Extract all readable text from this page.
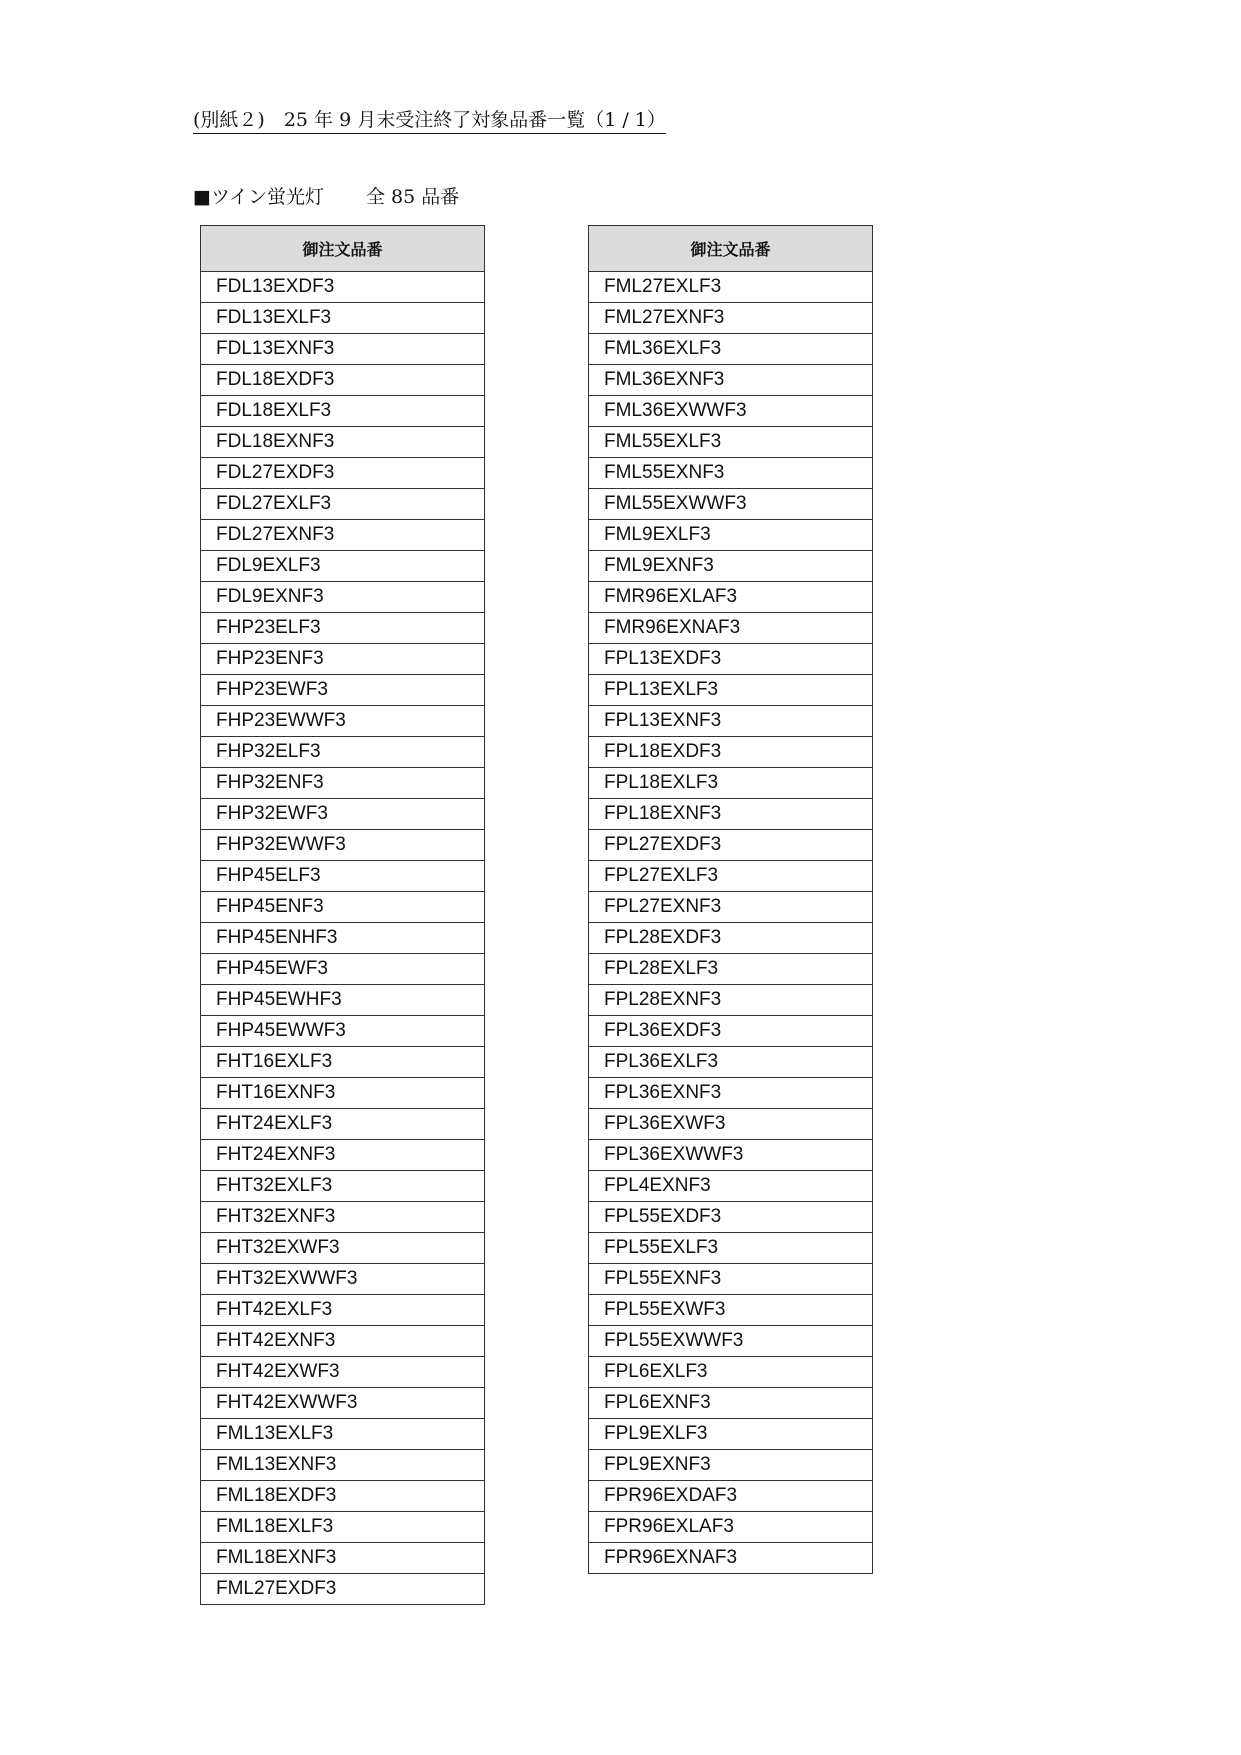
(別紙２)　25 年 9 月末受注終了対象品番一覧（1 / 1）
■ツイン蛍光灯 全 85 品番
御注文品番
FDL13EXDF3
FDL13EXLF3
FDL13EXNF3
FDL18EXDF3
FDL18EXLF3
FDL18EXNF3
FDL27EXDF3
FDL27EXLF3
FDL27EXNF3
FDL9EXLF3
FDL9EXNF3
FHP23ELF3
FHP23ENF3
FHP23EWF3
FHP23EWWF3
FHP32ELF3
FHP32ENF3
FHP32EWF3
FHP32EWWF3
FHP45ELF3
FHP45ENF3
FHP45ENHF3
FHP45EWF3
FHP45EWHF3
FHP45EWWF3
FHT16EXLF3
FHT16EXNF3
FHT24EXLF3
FHT24EXNF3
FHT32EXLF3
FHT32EXNF3
FHT32EXWF3
FHT32EXWWF3
FHT42EXLF3
FHT42EXNF3
FHT42EXWF3
FHT42EXWWF3
FML13EXLF3
FML13EXNF3
FML18EXDF3
FML18EXLF3
FML18EXNF3
FML27EXDF3
御注文品番
FML27EXLF3
FML27EXNF3
FML36EXLF3
FML36EXNF3
FML36EXWWF3
FML55EXLF3
FML55EXNF3
FML55EXWWF3
FML9EXLF3
FML9EXNF3
FMR96EXLAF3
FMR96EXNAF3
FPL13EXDF3
FPL13EXLF3
FPL13EXNF3
FPL18EXDF3
FPL18EXLF3
FPL18EXNF3
FPL27EXDF3
FPL27EXLF3
FPL27EXNF3
FPL28EXDF3
FPL28EXLF3
FPL28EXNF3
FPL36EXDF3
FPL36EXLF3
FPL36EXNF3
FPL36EXWF3
FPL36EXWWF3
FPL4EXNF3
FPL55EXDF3
FPL55EXLF3
FPL55EXNF3
FPL55EXWF3
FPL55EXWWF3
FPL6EXLF3
FPL6EXNF3
FPL9EXLF3
FPL9EXNF3
FPR96EXDAF3
FPR96EXLAF3
FPR96EXNAF3
